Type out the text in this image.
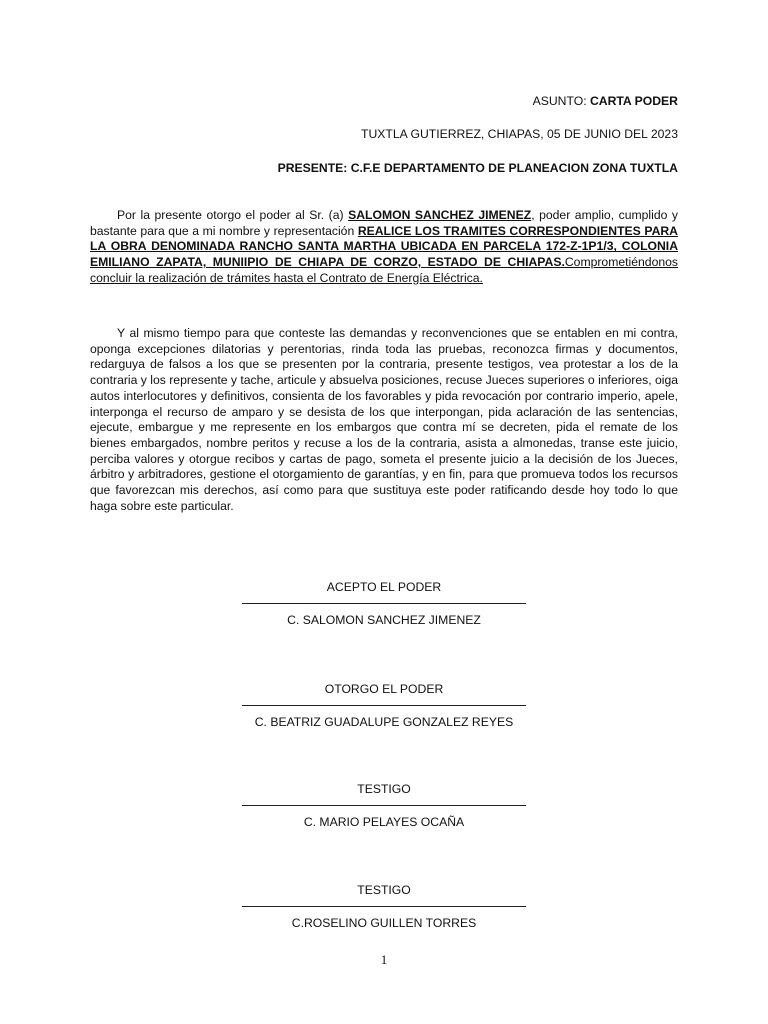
ASUNTO: CARTA PODER
TUXTLA GUTIERREZ, CHIAPAS, 05 DE JUNIO DEL 2023
PRESENTE: C.F.E DEPARTAMENTO DE PLANEACION ZONA TUXTLA

Por la presente otorgo el poder al Sr. (a) SALOMON SANCHEZ JIMENEZ, poder amplio, cumplido y bastante para que a mi nombre y representación REALICE LOS TRAMITES CORRESPONDIENTES PARA LA OBRA DENOMINADA RANCHO SANTA MARTHA UBICADA EN PARCELA 172-Z-1P1/3, COLONIA EMILIANO ZAPATA, MUNIIPIO DE CHIAPA DE CORZO, ESTADO DE CHIAPAS.Comprometiéndonos concluir la realización de trámites hasta el Contrato de Energía Eléctrica.

Y al mismo tiempo para que conteste las demandas y reconvenciones que se entablen en mi contra, oponga excepciones dilatorias y perentorias, rinda toda las pruebas, reconozca firmas y documentos, redarguya de falsos a los que se presenten por la contraria, presente testigos, vea protestar a los de la contraria y los represente y tache, articule y absuelva posiciones, recuse Jueces superiores o inferiores, oiga autos interlocutores y definitivos, consienta de los favorables y pida revocación por contrario imperio, apele, interponga el recurso de amparo y se desista de los que interpongan, pida aclaración de las sentencias, ejecute, embargue y me represente en los embargos que contra mí se decreten, pida el remate de los bienes embargados, nombre peritos y recuse a los de la contraria, asista a almonedas, transe este juicio, perciba valores y otorgue recibos y cartas de pago, someta el presente juicio a la decisión de los Jueces, árbitro y arbitradores, gestione el otorgamiento de garantías, y en fin, para que promueva todos los recursos que favorezcan mis derechos, así como para que sustituya este poder ratificando desde hoy todo lo que haga sobre este particular.

ACEPTO EL PODER
C. SALOMON SANCHEZ JIMENEZ
OTORGO EL PODER
C. BEATRIZ GUADALUPE GONZALEZ REYES
TESTIGO
C. MARIO PELAYES OCAÑA
TESTIGO
C.ROSELINO GUILLEN TORRES
1
